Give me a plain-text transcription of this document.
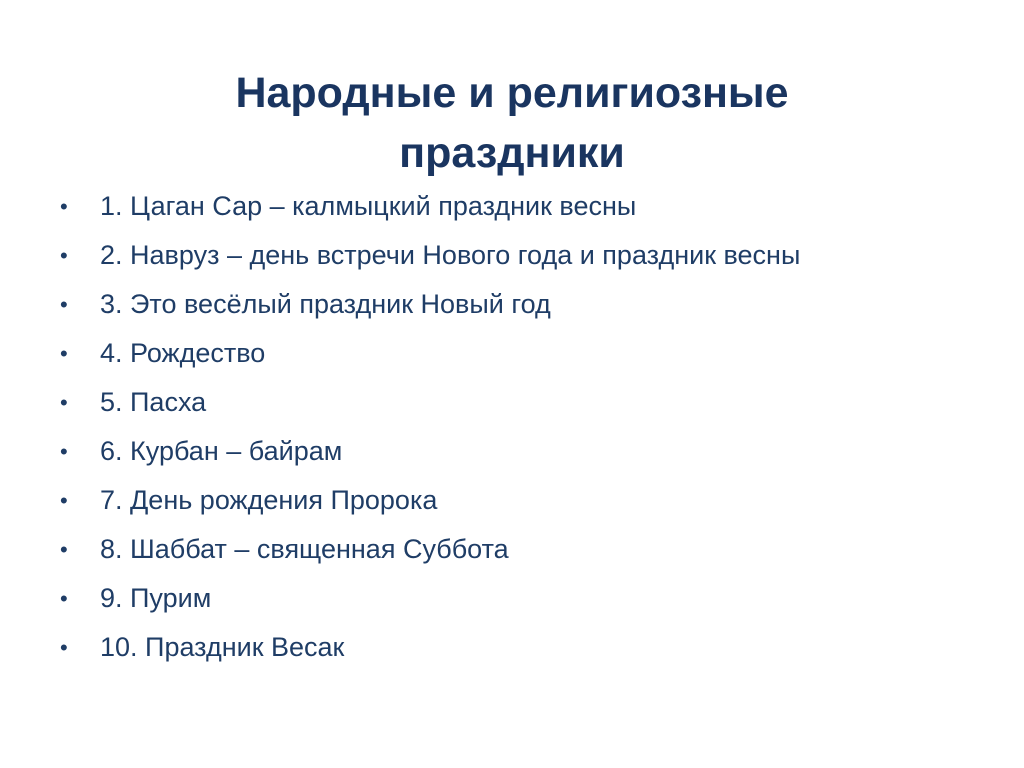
Народные и религиозные
праздники
•	1. Цаган Сар – калмыцкий праздник весны
•	2. Навруз – день встречи Нового года и праздник весны
•	3. Это весёлый праздник Новый год
•	4. Рождество
•	5. Пасха
•	6. Курбан – байрам
•	7. День рождения Пророка
•	8. Шаббат – священная Суббота
•	9. Пурим
•	10. Праздник Весак
